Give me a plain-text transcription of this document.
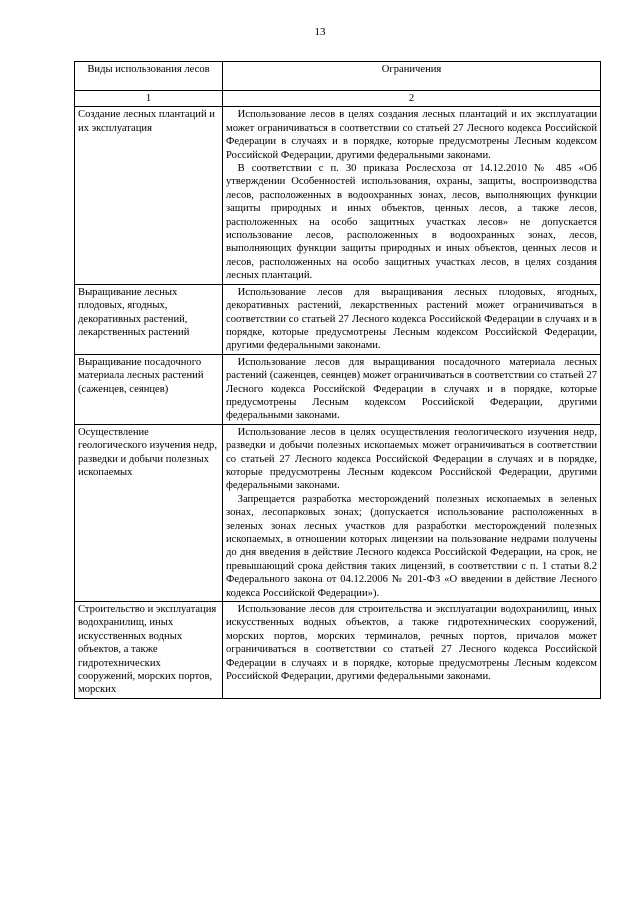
13
Виды использования лесов	Ограничения
1	2
Создание лесных плантаций и их эксплуатация	Использование лесов в целях создания лесных плантаций и их эксплуатации может ограничиваться в соответствии со статьей 27 Лесного кодекса Российской Федерации в случаях и в порядке, которые предусмотрены Лесным кодексом Российской Федерации, другими федеральными законами.

В соответствии с п. 30 приказа Рослесхоза от 14.12.2010 № 485 «Об утверждении Особенностей использования, охраны, защиты, воспроизводства лесов, расположенных в водоохранных зонах, лесов, выполняющих функции защиты природных и иных объектов, ценных лесов, а также лесов, расположенных на особо защитных участках лесов» не допускается использование лесов, расположенных в водоохранных зонах, лесов, выполняющих функции защиты природных и иных объектов, ценных лесов и лесов, расположенных на особо защитных участках лесов, в целях создания лесных плантаций.

Выращивание лесных плодовых, ягодных, декоративных растений, лекарственных растений	Использование лесов для выращивания лесных плодовых, ягодных, декоративных растений, лекарственных растений может ограничиваться в соответствии со статьей 27 Лесного кодекса Российской Федерации в случаях и в порядке, которые предусмотрены Лесным кодексом Российской Федерации, другими федеральными законами.

Выращивание посадочного материала лесных растений (саженцев, сеянцев)	Использование лесов для выращивания посадочного материала лесных растений (саженцев, сеянцев) может ограничиваться в соответствии со статьей 27 Лесного кодекса Российской Федерации в случаях и в порядке, которые предусмотрены Лесным кодексом Российской Федерации, другими федеральными законами.

Осуществление геологического изучения недр, разведки и добычи полезных ископаемых	Использование лесов в целях осуществления геологического изучения недр, разведки и добычи полезных ископаемых может ограничиваться в соответствии со статьей 27 Лесного кодекса Российской Федерации в случаях и в порядке, которые предусмотрены Лесным кодексом Российской Федерации, другими федеральными законами.

Запрещается разработка месторождений полезных ископаемых в зеленых зонах, лесопарковых зонах; (допускается использование расположенных в зеленых зонах лесных участков для разработки месторождений полезных ископаемых, в отношении которых лицензии на пользование недрами получены до дня введения в действие Лесного кодекса Российской Федерации, на срок, не превышающий срока действия таких лицензий, в соответствии с п. 1 статьи 8.2 Федерального закона от 04.12.2006 № 201-ФЗ «О введении в действие Лесного кодекса Российской Федерации»).

Строительство и эксплуатация водохранилищ, иных искусственных водных объектов, а также гидротехнических сооружений, морских портов, морских	Использование лесов для строительства и эксплуатации водохранилищ, иных искусственных водных объектов, а также гидротехнических сооружений, морских портов, морских терминалов, речных портов, причалов может ограничиваться в соответствии со статьей 27 Лесного кодекса Российской Федерации в случаях и в порядке, которые предусмотрены Лесным кодексом Российской Федерации, другими федеральными законами.
